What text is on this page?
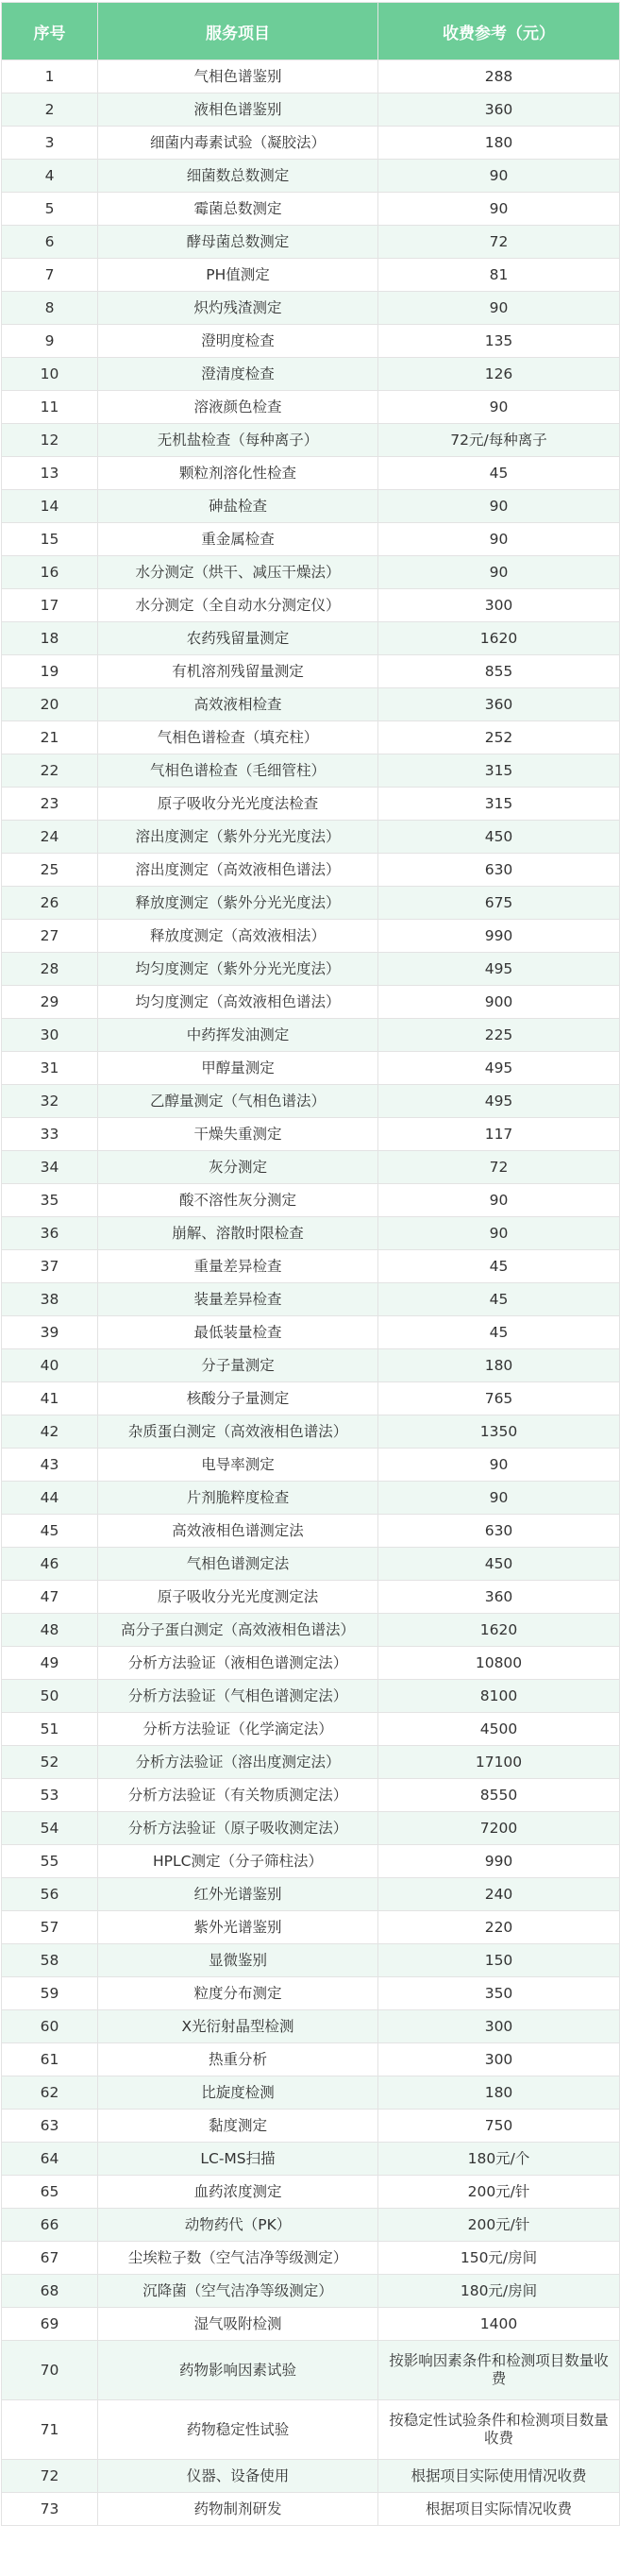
序号	服务项目	收费参考（元）
1	气相色谱鉴别	288
2	液相色谱鉴别	360
3	细菌内毒素试验（凝胶法）	180
4	细菌数总数测定	90
5	霉菌总数测定	90
6	酵母菌总数测定	72
7	PH值测定	81
8	炽灼残渣测定	90
9	澄明度检查	135
10	澄清度检查	126
11	溶液颜色检查	90
12	无机盐检查（每种离子）	72元/每种离子
13	颗粒剂溶化性检查	45
14	砷盐检查	90
15	重金属检查	90
16	水分测定（烘干、减压干燥法）	90
17	水分测定（全自动水分测定仪）	300
18	农药残留量测定	1620
19	有机溶剂残留量测定	855
20	高效液相检查	360
21	气相色谱检查（填充柱）	252
22	气相色谱检查（毛细管柱）	315
23	原子吸收分光光度法检查	315
24	溶出度测定（紫外分光光度法）	450
25	溶出度测定（高效液相色谱法）	630
26	释放度测定（紫外分光光度法）	675
27	释放度测定（高效液相法）	990
28	均匀度测定（紫外分光光度法）	495
29	均匀度测定（高效液相色谱法）	900
30	中药挥发油测定	225
31	甲醇量测定	495
32	乙醇量测定（气相色谱法）	495
33	干燥失重测定	117
34	灰分测定	72
35	酸不溶性灰分测定	90
36	崩解、溶散时限检查	90
37	重量差异检查	45
38	装量差异检查	45
39	最低装量检查	45
40	分子量测定	180
41	核酸分子量测定	765
42	杂质蛋白测定（高效液相色谱法）	1350
43	电导率测定	90
44	片剂脆粹度检查	90
45	高效液相色谱测定法	630
46	气相色谱测定法	450
47	原子吸收分光光度测定法	360
48	高分子蛋白测定（高效液相色谱法）	1620
49	分析方法验证（液相色谱测定法）	10800
50	分析方法验证（气相色谱测定法）	8100
51	分析方法验证（化学滴定法）	4500
52	分析方法验证（溶出度测定法）	17100
53	分析方法验证（有关物质测定法）	8550
54	分析方法验证（原子吸收测定法）	7200
55	HPLC测定（分子筛柱法）	990
56	红外光谱鉴别	240
57	紫外光谱鉴别	220
58	显微鉴别	150
59	粒度分布测定	350
60	X光衍射晶型检测	300
61	热重分析	300
62	比旋度检测	180
63	黏度测定	750
64	LC-MS扫描	180元/个
65	血药浓度测定	200元/针
66	动物药代（PK）	200元/针
67	尘埃粒子数（空气洁净等级测定）	150元/房间
68	沉降菌（空气洁净等级测定）	180元/房间
69	湿气吸附检测	1400
70	药物影响因素试验	按影响因素条件和检测项目数量收费
71	药物稳定性试验	按稳定性试验条件和检测项目数量收费
72	仪器、设备使用	根据项目实际使用情况收费
73	药物制剂研发	根据项目实际情况收费
